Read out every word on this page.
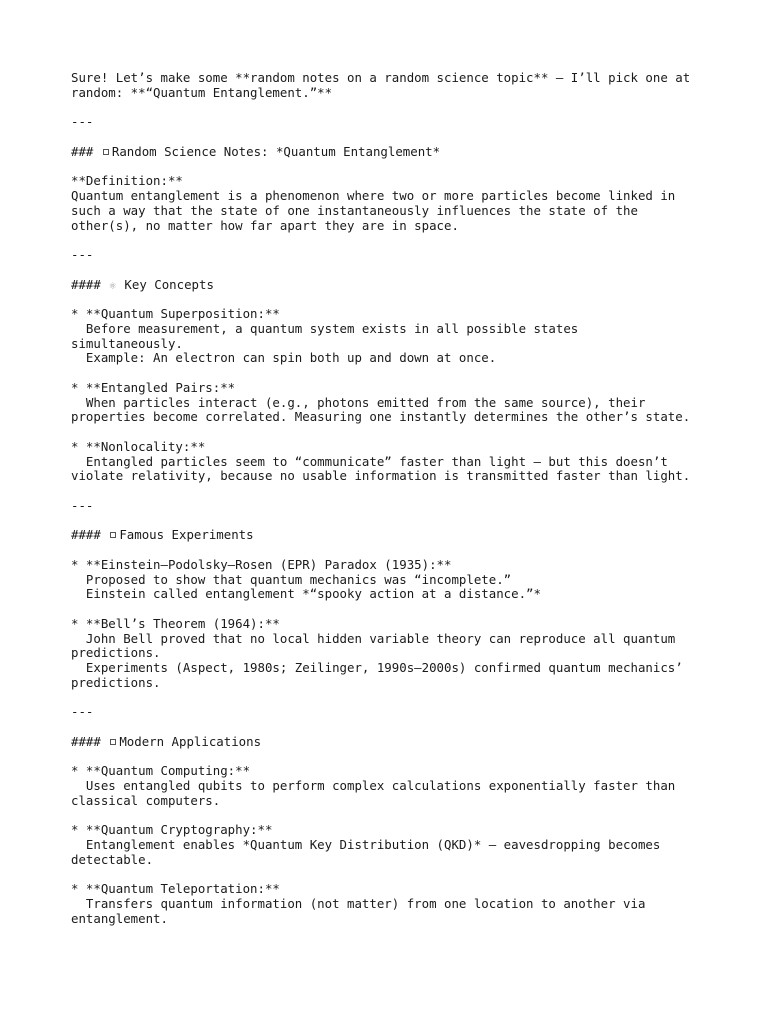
Sure! Let’s make some **random notes on a random science topic** — I’ll pick one at
random: **“Quantum Entanglement.”**
---
### Random Science Notes: *Quantum Entanglement*
**Definition:**
Quantum entanglement is a phenomenon where two or more particles become linked in
such a way that the state of one instantaneously influences the state of the
other(s), no matter how far apart they are in space.
---
#### ⚛ Key Concepts
* **Quantum Superposition:**
Before measurement, a quantum system exists in all possible states
simultaneously.
Example: An electron can spin both up and down at once.
* **Entangled Pairs:**
When particles interact (e.g., photons emitted from the same source), their
properties become correlated. Measuring one instantly determines the other’s state.
* **Nonlocality:**
Entangled particles seem to “communicate” faster than light — but this doesn’t
violate relativity, because no usable information is transmitted faster than light.
---
#### Famous Experiments
* **Einstein–Podolsky–Rosen (EPR) Paradox (1935):**
Proposed to show that quantum mechanics was “incomplete.”
Einstein called entanglement *“spooky action at a distance.”*
* **Bell’s Theorem (1964):**
John Bell proved that no local hidden variable theory can reproduce all quantum
predictions.
Experiments (Aspect, 1980s; Zeilinger, 1990s–2000s) confirmed quantum mechanics’
predictions.
---
#### Modern Applications
* **Quantum Computing:**
Uses entangled qubits to perform complex calculations exponentially faster than
classical computers.
* **Quantum Cryptography:**
Entanglement enables *Quantum Key Distribution (QKD)* — eavesdropping becomes
detectable.
* **Quantum Teleportation:**
Transfers quantum information (not matter) from one location to another via
entanglement.
